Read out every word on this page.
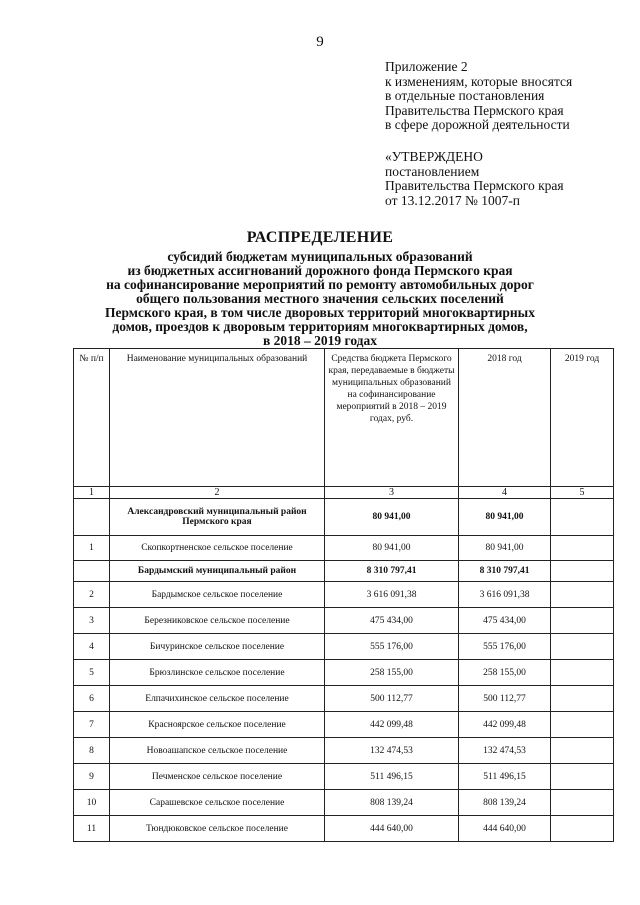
9
Приложение 2
к изменениям, которые вносятся
в отдельные постановления
Правительства Пермского края
в сфере дорожной деятельности
«УТВЕРЖДЕНО
постановлением
Правительства Пермского края
от 13.12.2017 № 1007-п
РАСПРЕДЕЛЕНИЕ
субсидий бюджетам муниципальных образований
из бюджетных ассигнований дорожного фонда Пермского края
на софинансирование мероприятий по ремонту автомобильных дорог
общего пользования местного значения сельских поселений
Пермского края, в том числе дворовых территорий многоквартирных
домов, проездов к дворовым территориям многоквартирных домов,
в 2018 – 2019 годах
№ п/п	Наименование муниципальных образований	Средства бюджета Пермского края, передаваемые в бюджеты муниципальных образований на софинансирование мероприятий в 2018 – 2019 годах, руб.	2018 год	2019 год
1	2	3	4	5
	Александровский муниципальный район Пермского края	80 941,00	80 941,00	
1	Скопкортненское сельское поселение	80 941,00	80 941,00	
	Бардымский муниципальный район	8 310 797,41	8 310 797,41	
2	Бардымское сельское поселение	3 616 091,38	3 616 091,38	
3	Березниковское сельское поселение	475 434,00	475 434,00	
4	Бичуринское сельское поселение	555 176,00	555 176,00	
5	Брюзлинское сельское поселение	258 155,00	258 155,00	
6	Елпачихинское сельское поселение	500 112,77	500 112,77	
7	Красноярское сельское поселение	442 099,48	442 099,48	
8	Новоашапское сельское поселение	132 474,53	132 474,53	
9	Печменское сельское поселение	511 496,15	511 496,15	
10	Сарашевское сельское поселение	808 139,24	808 139,24	
11	Тюндюковское сельское поселение	444 640,00	444 640,00	
